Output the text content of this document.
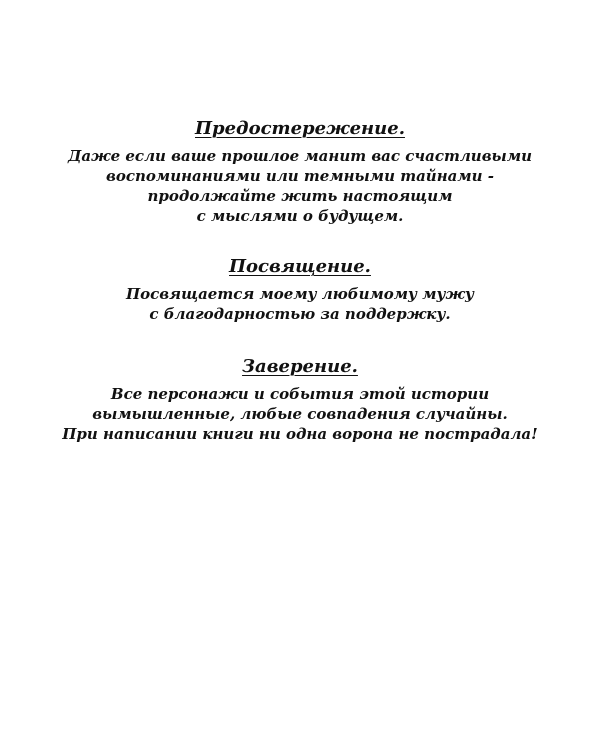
Предостережение.
Даже если ваше прошлое манит вас счастливыми
воспоминаниями или темными тайнами -
продолжайте жить настоящим
с мыслями о будущем.
Посвящение.
Посвящается моему любимому мужу
с благодарностью за поддержку.
Заверение.
Все персонажи и события этой истории
вымышленные, любые совпадения случайны.
При написании книги ни одна ворона не пострадала!
